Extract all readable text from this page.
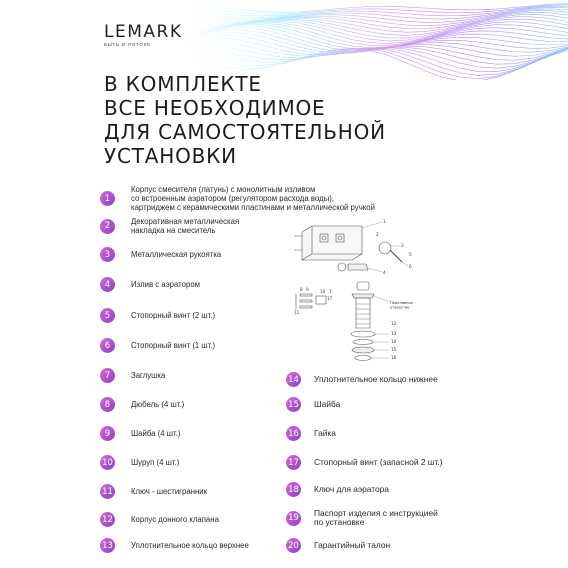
LEMARK
БЫТЬ В ПОТОКЕ
В КОМПЛЕКТЕ
ВСЕ НЕОБХОДИМОЕ
ДЛЯ САМОСТОЯТЕЛЬНОЙ
УСТАНОВКИ
1
Корпус смесителя (латунь) с монолитным изливом
со встроенным аэратором (регулятором расхода воды),
картриджем с керамическими пластинами и металлической ручкой
2	Декоративная металлическая
накладка на смеситель
3	Металлическая рукоятка
4	Излив с аэратором
5	Стопорный винт (2 шт.)
6	Стопорный винт (1 шт.)
7	Заглушка
8	Дюбель (4 шт.)
9	Шайба (4 шт.)
10 Шуруп (4 шт.)
11 Ключ - шестигранник
12 Корпус донного клапана
13 Уплотнительное кольцо верхнее
14 Уплотнительное кольцо нижнее
15 Шайба
16 Гайка
17 Стопорный винт (запасной 2 шт.)
18 Ключ для аэратора
19 Паспорт изделия с инструкцией
по установке
20 Гарантийный талон
1
2
3
4
5
6
7
8 9	10
11
12
13
14
15
16
17
Переливное отверстие
